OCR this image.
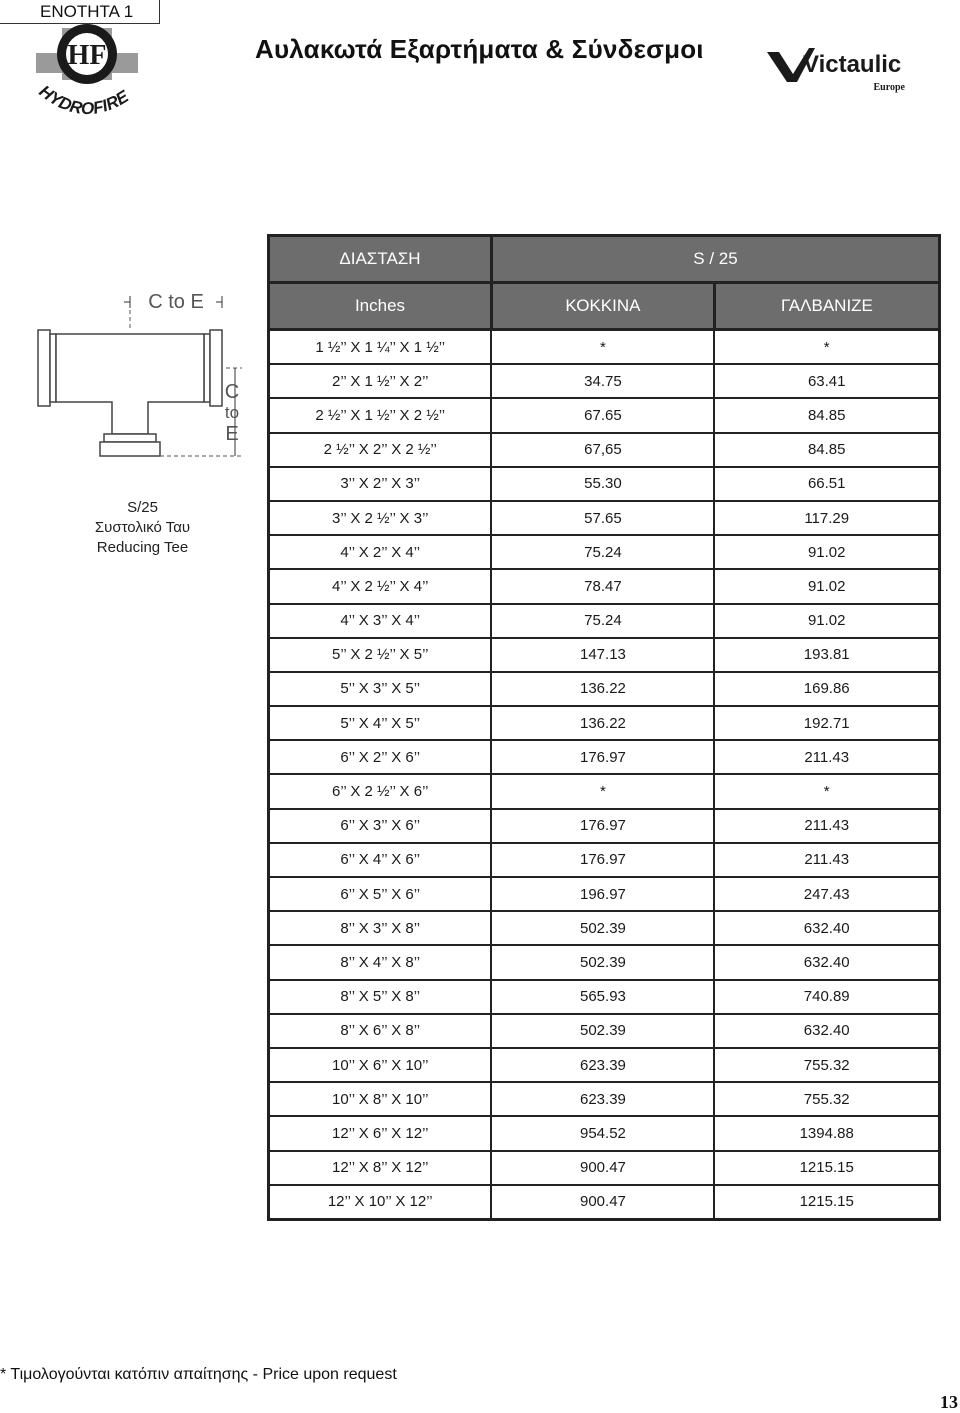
ΕΝΟΤΗΤΑ 1
HF
HYDROFIRE
Αυλακωτά Εξαρτήματα & Σύνδεσμοι
Victaulic
Europe
C to E
C
to
E
S/25
Συστολικό Ταυ
Reducing Tee
ΔΙΑΣΤΑΣΗ	S / 25	
Inches	ΚΟΚΚΙΝΑ	ΓΑΛΒΑΝΙΖΕ
1 ½’’ X 1 ¼’’ X 1 ½’’	*	*
2’’ X 1 ½’’ X 2’’	34.75	63.41
2 ½’’ X 1 ½’’ X 2 ½’’	67.65	84.85
2 ½’’ X 2’’ X 2 ½’’	67,65	84.85
3’’ X 2’’ X 3’’	55.30	66.51
3’’ X 2 ½’’ X 3’’	57.65	117.29
4’’ X 2’’ X 4’’	75.24	91.02
4’’ X 2 ½’’ X 4’’	78.47	91.02
4’’ X 3’’ X 4’’	75.24	91.02
5’’ X 2 ½’’ X 5’’	147.13	193.81
5’’ X 3’’ X 5’’	136.22	169.86
5’’ X 4’’ X 5’’	136.22	192.71
6’’ X 2’’ X 6’’	176.97	211.43
6’’ X 2 ½’’ X 6’’	*	*
6’’ X 3’’ X 6’’	176.97	211.43
6’’ X 4’’ X 6’’	176.97	211.43
6’’ X 5’’ X 6’’	196.97	247.43
8’’ X 3’’ X 8’’	502.39	632.40
8’’ X 4’’ X 8’’	502.39	632.40
8’’ X 5’’ X 8’’	565.93	740.89
8’’ X 6’’ X 8’’	502.39	632.40
10’’ X 6’’ X 10’’	623.39	755.32
10’’ X 8’’ X 10’’	623.39	755.32
12’’ X 6’’ X 12’’	954.52	1394.88
12’’ X 8’’ X 12’’	900.47	1215.15
12’’ X 10’’ X 12’’	900.47	1215.15
* Τιμολογούνται κατόπιν απαίτησης - Price upon request
13
